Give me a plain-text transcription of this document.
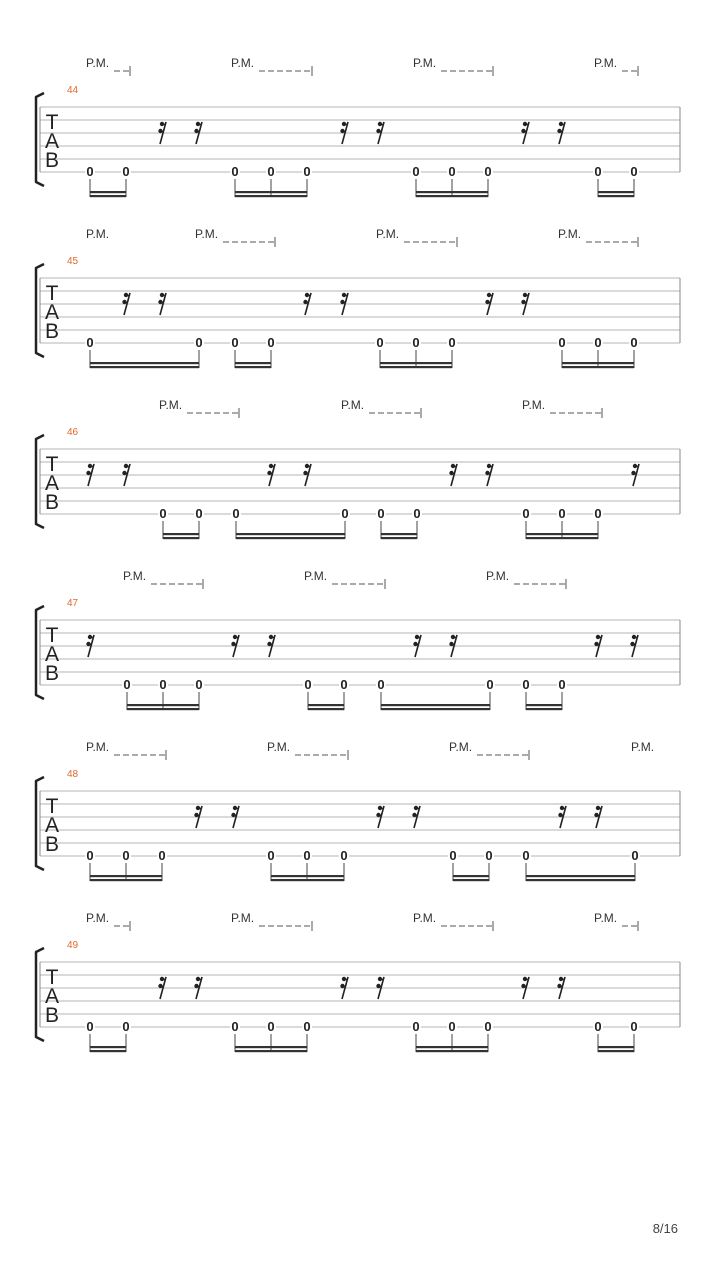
T
A
B
44
P.M.	P.M.	P.M.	P.M.
0 0	0 0 0	0 0 0	0 0
T
A
B
45
P.M.	P.M.	P.M.	P.M.
0	0 0 0	0 0 0	0 0 0
T
A
B
46
P.M.	P.M.	P.M.
0 0 0	0 0 0	0 0 0
T
A
B
47
P.M.	P.M.	P.M.
0 0 0	0 0 0	0 0 0
T
A
B
48
P.M.	P.M.	P.M.	P.M.
0 0 0	0 0 0	0 0 0	0
T
A
B
49
P.M.	P.M.	P.M.	P.M.
0 0	0 0 0	0 0 0	0 0
8/16
